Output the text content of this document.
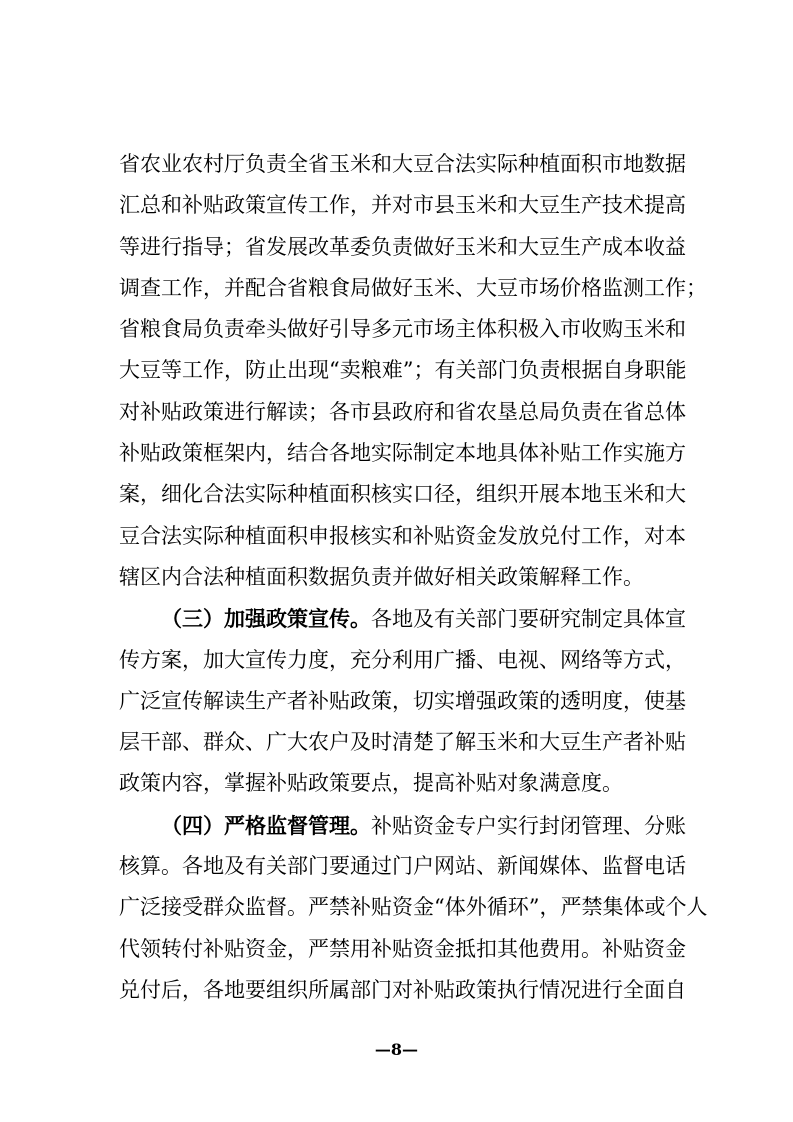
省农业农村厅负责全省玉米和大豆合法实际种植面积市地数据
汇总和补贴政策宣传工作，并对市县玉米和大豆生产技术提高
等进行指导；省发展改革委负责做好玉米和大豆生产成本收益
调查工作，并配合省粮食局做好玉米、大豆市场价格监测工作；
省粮食局负责牵头做好引导多元市场主体积极入市收购玉米和
大豆等工作，防止出现“卖粮难”；有关部门负责根据自身职能
对补贴政策进行解读；各市县政府和省农垦总局负责在省总体
补贴政策框架内，结合各地实际制定本地具体补贴工作实施方
案，细化合法实际种植面积核实口径，组织开展本地玉米和大
豆合法实际种植面积申报核实和补贴资金发放兑付工作，对本
辖区内合法种植面积数据负责并做好相关政策解释工作。
（三）加强政策宣传。各地及有关部门要研究制定具体宣
传方案，加大宣传力度，充分利用广播、电视、网络等方式，
广泛宣传解读生产者补贴政策，切实增强政策的透明度，使基
层干部、群众、广大农户及时清楚了解玉米和大豆生产者补贴
政策内容，掌握补贴政策要点，提高补贴对象满意度。
（四）严格监督管理。补贴资金专户实行封闭管理、分账
核算。各地及有关部门要通过门户网站、新闻媒体、监督电话
广泛接受群众监督。严禁补贴资金“体外循环”，严禁集体或个人
代领转付补贴资金，严禁用补贴资金抵扣其他费用。补贴资金
兑付后，各地要组织所属部门对补贴政策执行情况进行全面自
—8—
